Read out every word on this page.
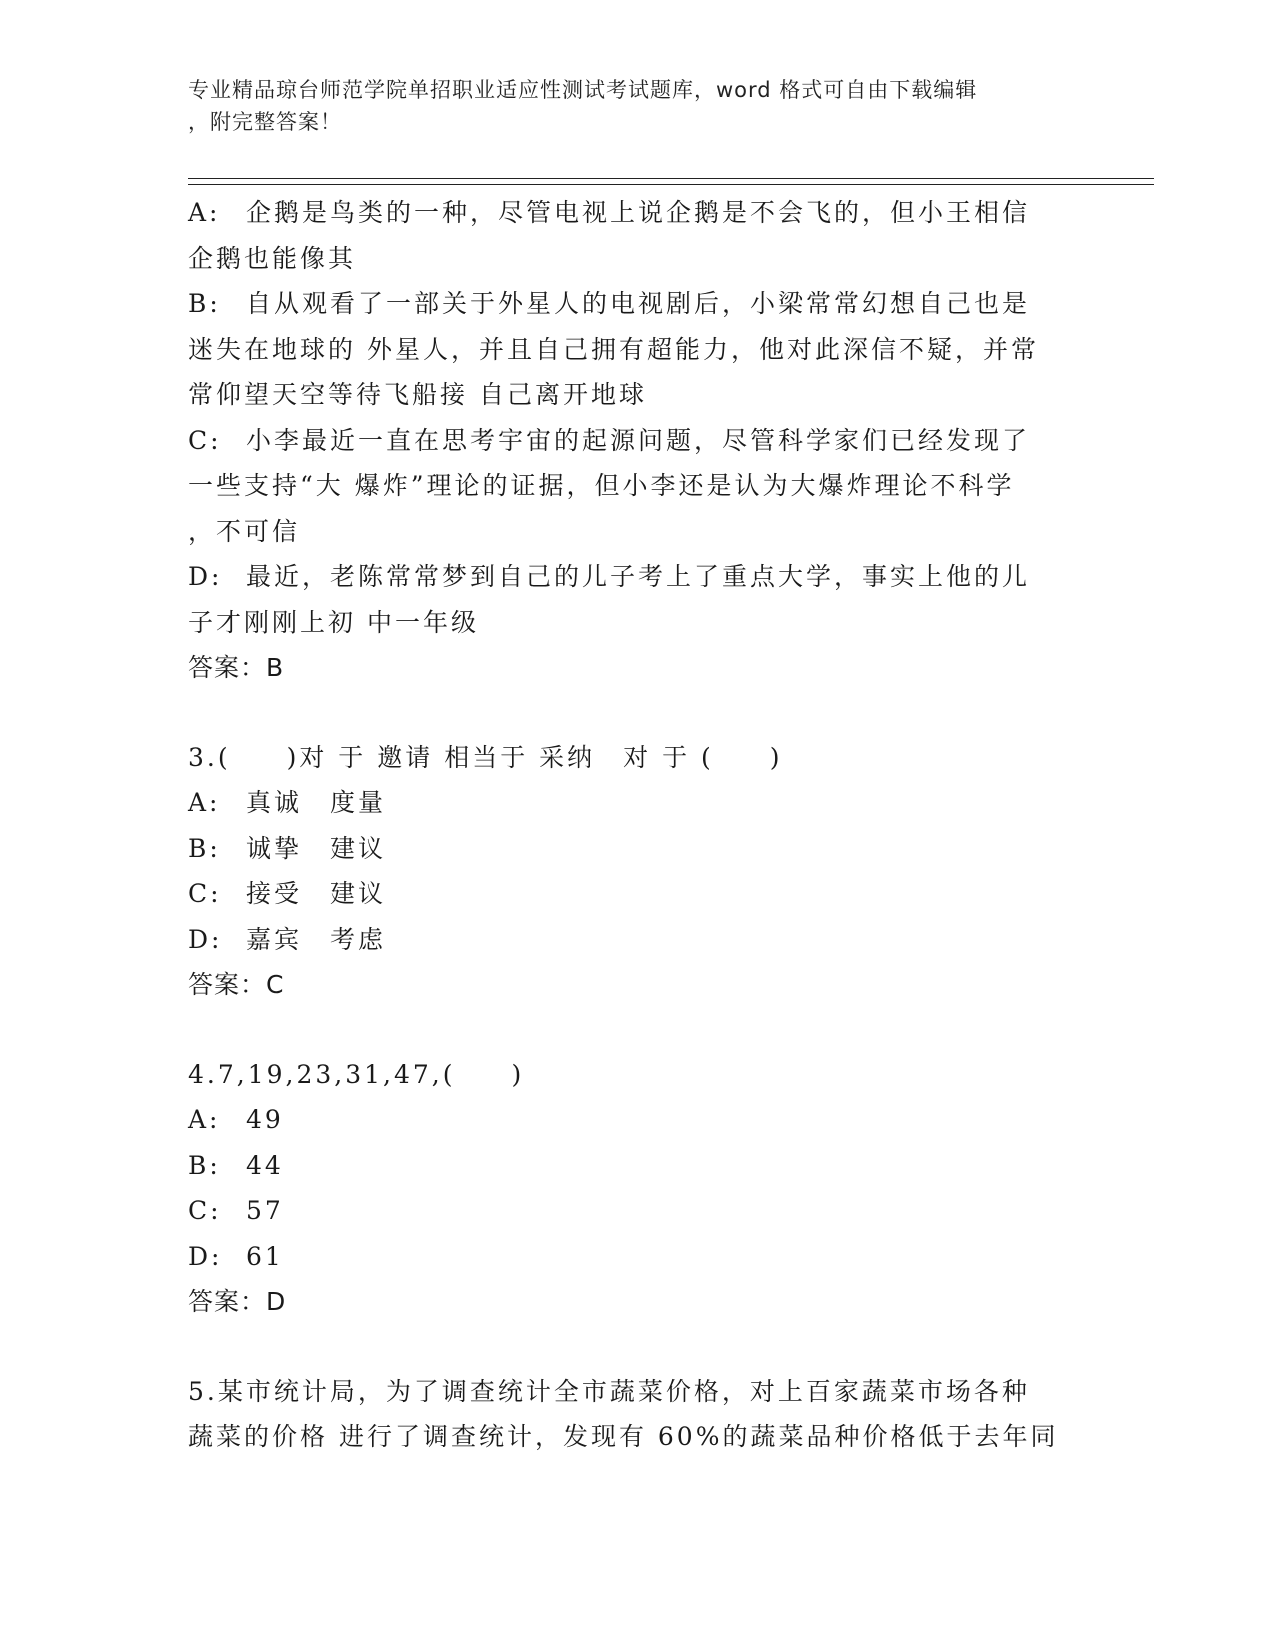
专业精品琼台师范学院单招职业适应性测试考试题库，word 格式可自由下载编辑
，附完整答案！
A: 企鹅是鸟类的一种，尽管电视上说企鹅是不会飞的，但小王相信
企鹅也能像其
B: 自从观看了一部关于外星人的电视剧后，小梁常常幻想自己也是
迷失在地球的 外星人，并且自己拥有超能力，他对此深信不疑，并常
常仰望天空等待飞船接 自己离开地球
C: 小李最近一直在思考宇宙的起源问题，尽管科学家们已经发现了
一些支持“大 爆炸”理论的证据，但小李还是认为大爆炸理论不科学
，不可信
D: 最近，老陈常常梦到自己的儿子考上了重点大学，事实上他的儿
子才刚刚上初 中一年级
答案：B
3.(　　)对 于 邀请 相当于 采纳　对 于 (　　)
A: 真诚　度量
B: 诚挚　建议
C: 接受　建议
D: 嘉宾　考虑
答案：C
4.7,19,23,31,47,(　　)
A: 49
B: 44
C: 57
D: 61
答案：D
5.某市统计局，为了调查统计全市蔬菜价格，对上百家蔬菜市场各种
蔬菜的价格 进行了调查统计，发现有 60%的蔬菜品种价格低于去年同
